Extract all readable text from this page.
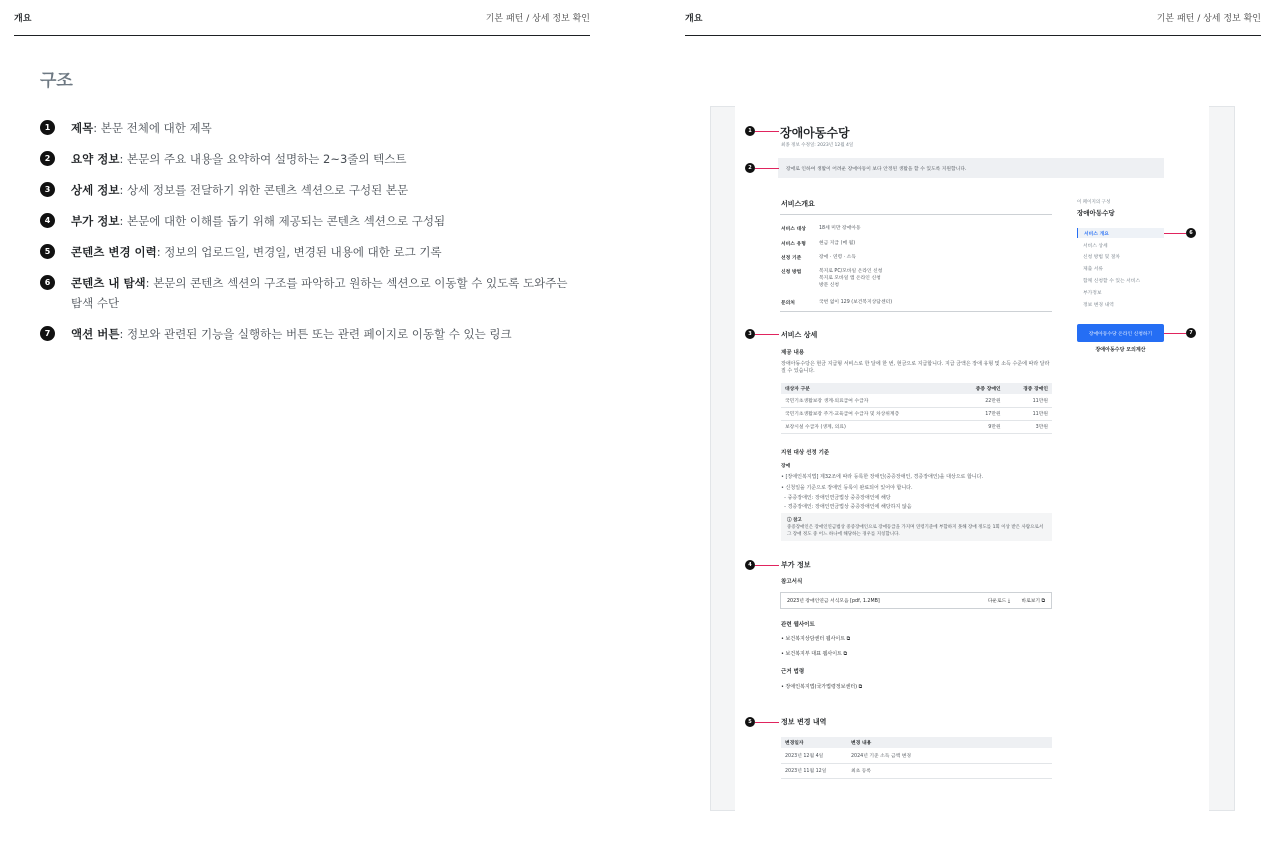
개요	기본 패턴 / 상세 정보 확인	개요	기본 패턴 / 상세 정보 확인
구조
1	제목: 본문 전체에 대한 제목
2	요약 정보: 본문의 주요 내용을 요약하여 설명하는 2~3줄의 텍스트
3	상세 정보: 상세 정보를 전달하기 위한 콘텐츠 섹션으로 구성된 본문
4	부가 정보: 본문에 대한 이해를 돕기 위해 제공되는 콘텐츠 섹션으로 구성됨
5	콘텐츠 변경 이력: 정보의 업로드일, 변경일, 변경된 내용에 대한 로그 기록
6	콘텐츠 내 탐색: 본문의 콘텐츠 섹션의 구조를 파악하고 원하는 섹션으로 이동할 수 있도록 도와주는 탐색 수단
7	액션 버튼: 정보와 관련된 기능을 실행하는 버튼 또는 관련 페이지로 이동할 수 있는 링크
장애아동수당
최종 정보 수정일: 2023년 12월 4일
장애로 인하여 생활이 어려운 장애아동이 보다 안정된 생활을 할 수 있도록 지원합니다.
서비스개요
서비스 대상	18세 미만 장애아동
서비스 유형	현금 지급 (매 월)
선정 기준	장애 · 연령 · 소득
신청 방법	복지로 PC/모바일 온라인 신청
복지로 모바일 앱 온라인 신청
방문 신청
문의처	국번 없이 129 (보건복지상담센터)
서비스 상세
제공 내용
장애아동수당은 현금 지급형 서비스로 한 달에 한 번, 현금으로 지급합니다. 지급 금액은 장애 유형 및 소득 수준에 따라 달라질 수 있습니다.
대상자 구분	중증 장애인	경증 장애인
국민기초생활보장 생계·의료급여 수급자	22만원	11만원
국민기초생활보장 주거·교육급여 수급자 및 차상위계층	17만원	11만원
보장시설 수급자 (생계, 의료)	9만원	3만원
지원 대상 선정 기준
장애
• [장애인복지법] 제32조에 따라 등록한 장애인(중증장애인, 경증장애인)을 대상으로 합니다.
• 신청일을 기준으로 장애인 등록이 완료되어 있어야 합니다.
- 중증장애인: 장애인연금법상 중증장애인에 해당
- 경증장애인: 장애인연금법상 중증장애인에 해당하지 않음
ⓘ 참고
중증장애인은 장애인연금법상 중증장애인으로 장애등급을 가지며 연령기준에 부합하지 못해 장애 정도를 1회 이상 받은 사람으로서 그 장애 정도 중 어느 하나에 해당하는 경우를 지칭합니다.
부가 정보
참고서식
2023년 장애인연금 서식모음 [pdf, 1.2MB]	다운로드 ⤓ 바로보기 ⧉
관련 웹사이트
• 보건복지상담센터 웹사이트 ⧉
• 보건복지부 대표 웹사이트 ⧉
근거 법령
• 장애인복지법(국가법령정보센터) ⧉
정보 변경 내역
변경일자	변경 내용
2023년 12월 4일	2024년 기준 소득 금액 변경
2023년 11월 12일	최초 등록
이 페이지의 구성
장애아동수당
서비스 개요
서비스 상세
신청 방법 및 절차
제출 서류
함께 신청할 수 있는 서비스
부가정보
정보 변경 내역
장애아동수당 온라인 신청하기
장애아동수당 모의계산
1
2
3
4
5
6
7
